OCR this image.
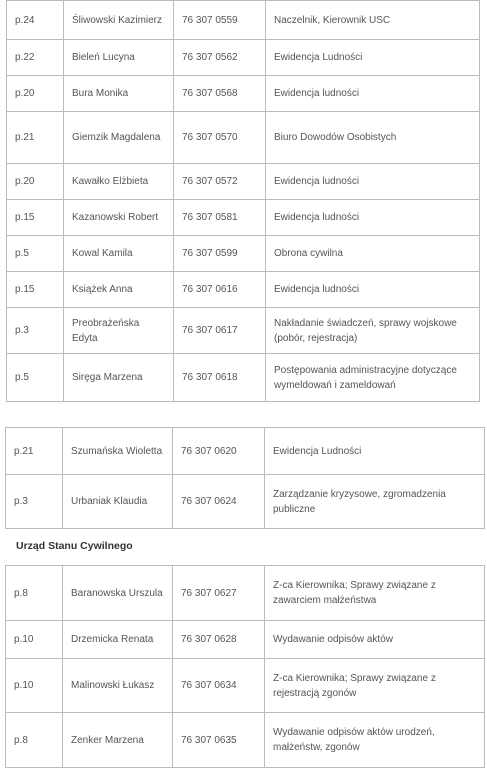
p.24	Śliwowski Kazimierz	76 307 0559	Naczelnik, Kierownik USC
p.22	Bieleń Lucyna	76 307 0562	Ewidencja Ludności
p.20	Bura Monika	76 307 0568	Ewidencja ludności
p.21	Giemzik Magdalena	76 307 0570	Biuro Dowodów Osobistych
p.20	Kawałko Elżbieta	76 307 0572	Ewidencja ludności
p.15	Kazanowski Robert	76 307 0581	Ewidencja ludności
p.5	Kowal Kamila	76 307 0599	Obrona cywilna
p.15	Książek Anna	76 307 0616	Ewidencja ludności
p.3	Preobrażeńska Edyta	76 307 0617	Nakładanie świadczeń, sprawy wojskowe (pobór, rejestracja)
p.5	Siręga Marzena	76 307 0618	Postępowania administracyjne dotyczące wymeldowań i zameldowań
p.21	Szumańska Wioletta	76 307 0620	Ewidencja Ludności
p.3	Urbaniak Klaudia	76 307 0624	Zarządzanie kryzysowe, zgromadzenia publiczne
Urząd Stanu Cywilnego
p.8	Baranowska Urszula	76 307 0627	Z-ca Kierownika; Sprawy związane z zawarciem małżeństwa
p.10	Drzemicka Renata	76 307 0628	Wydawanie odpisów aktów
p.10	Malinowski Łukasz	76 307 0634	Z-ca Kierownika; Sprawy związane z rejestracją zgonów
p.8	Zenker Marzena	76 307 0635	Wydawanie odpisów aktów urodzeń, małżeństw, zgonów
